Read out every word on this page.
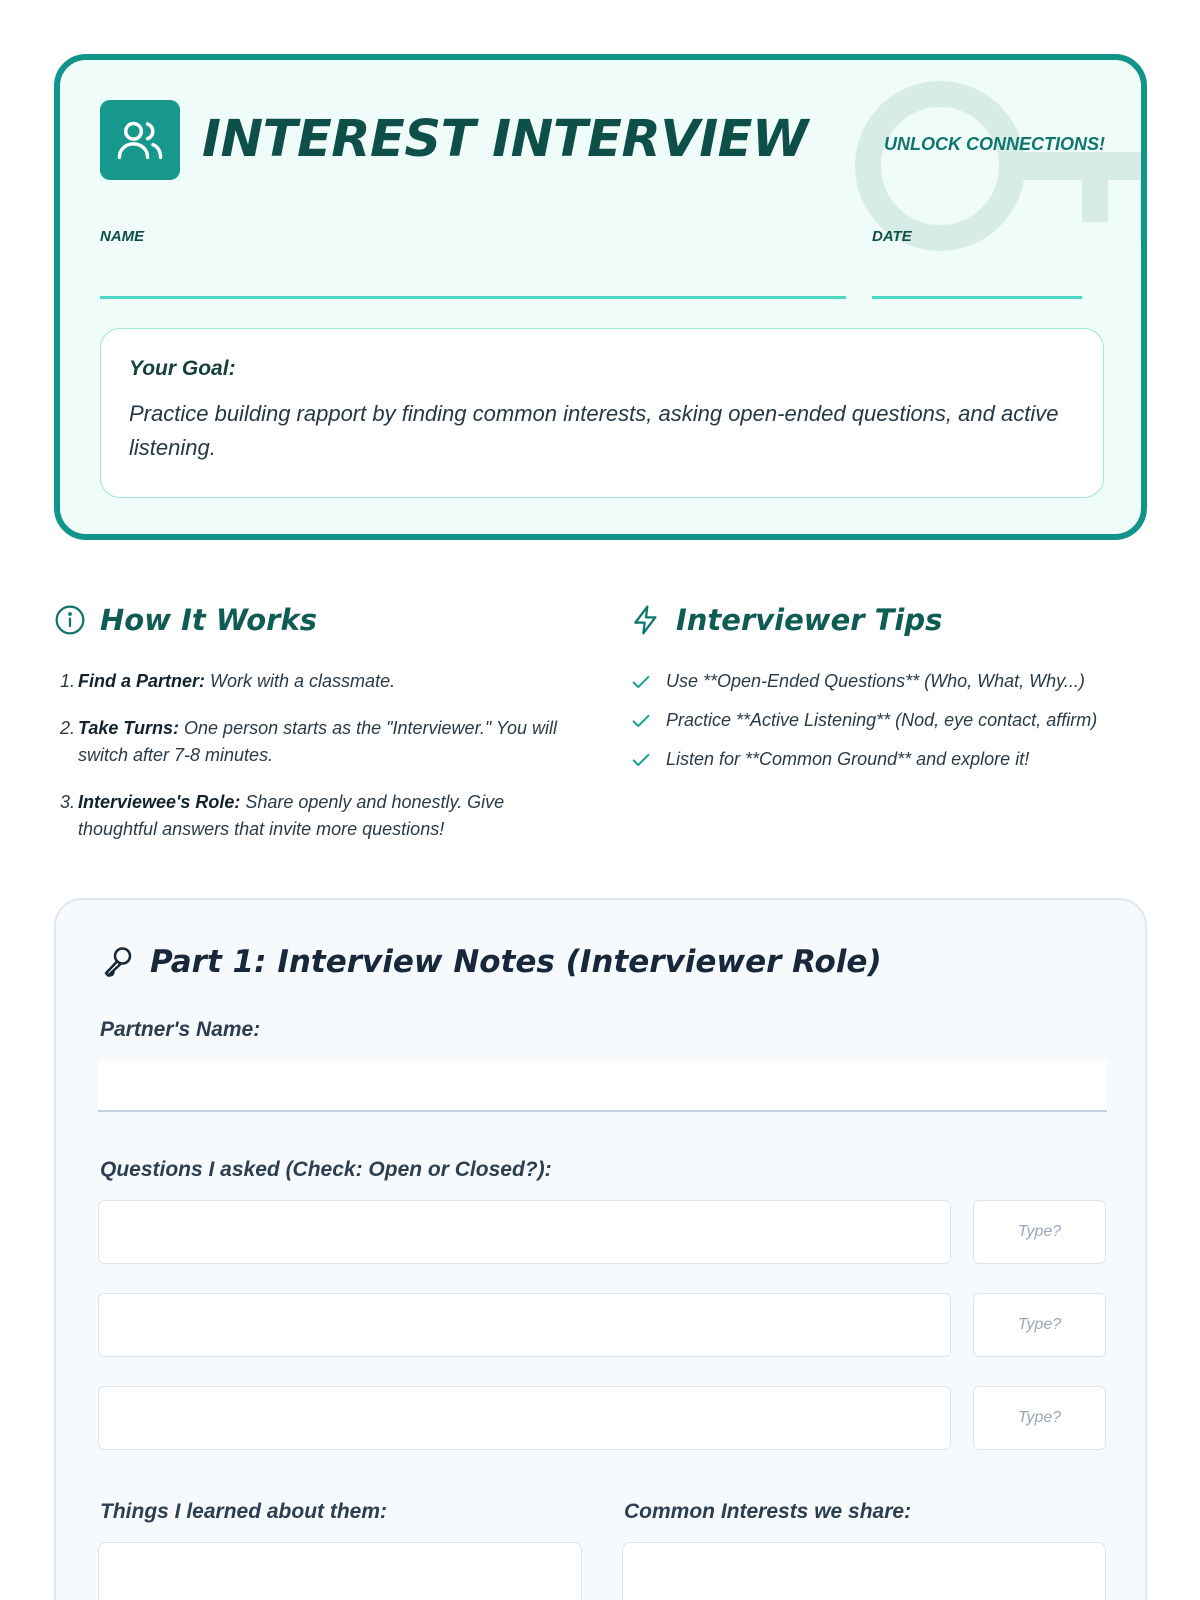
INTEREST INTERVIEW	UNLOCK CONNECTIONS!
NAME	DATE
Your Goal:
Practice building rapport by finding common interests, asking open-ended questions, and active listening.
How It Works
1. Find a Partner: Work with a classmate.
2. Take Turns: One person starts as the "Interviewer." You will switch after 7-8 minutes.
3. Interviewee's Role: Share openly and honestly. Give thoughtful answers that invite more questions!
Interviewer Tips
Use **Open-Ended Questions** (Who, What, Why...)
Practice **Active Listening** (Nod, eye contact, affirm)
Listen for **Common Ground** and explore it!
Part 1: Interview Notes (Interviewer Role)
Partner's Name:
Questions I asked (Check: Open or Closed?):
Type?
Type?
Type?
Things I learned about them:	Common Interests we share:
